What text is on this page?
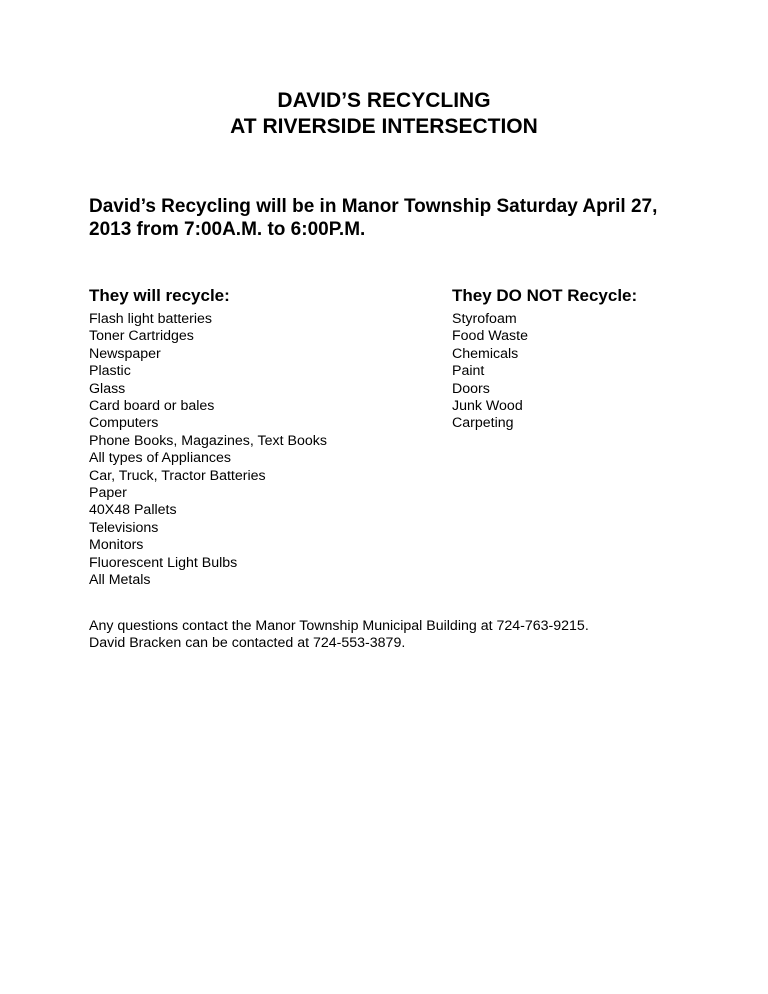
DAVID’S RECYCLING
AT RIVERSIDE INTERSECTION
David’s Recycling will be in Manor Township Saturday April 27, 2013 from 7:00A.M. to 6:00P.M.
They will recycle:
Flash light batteries
Toner Cartridges
Newspaper
Plastic
Glass
Card board or bales
Computers
Phone Books, Magazines, Text Books
All types of Appliances
Car, Truck, Tractor Batteries
Paper
40X48 Pallets
Televisions
Monitors
Fluorescent Light Bulbs
All Metals
They DO NOT Recycle:
Styrofoam
Food Waste
Chemicals
Paint
Doors
Junk Wood
Carpeting
Any questions contact the Manor Township Municipal Building at 724-763-9215.
David Bracken can be contacted at 724-553-3879.
